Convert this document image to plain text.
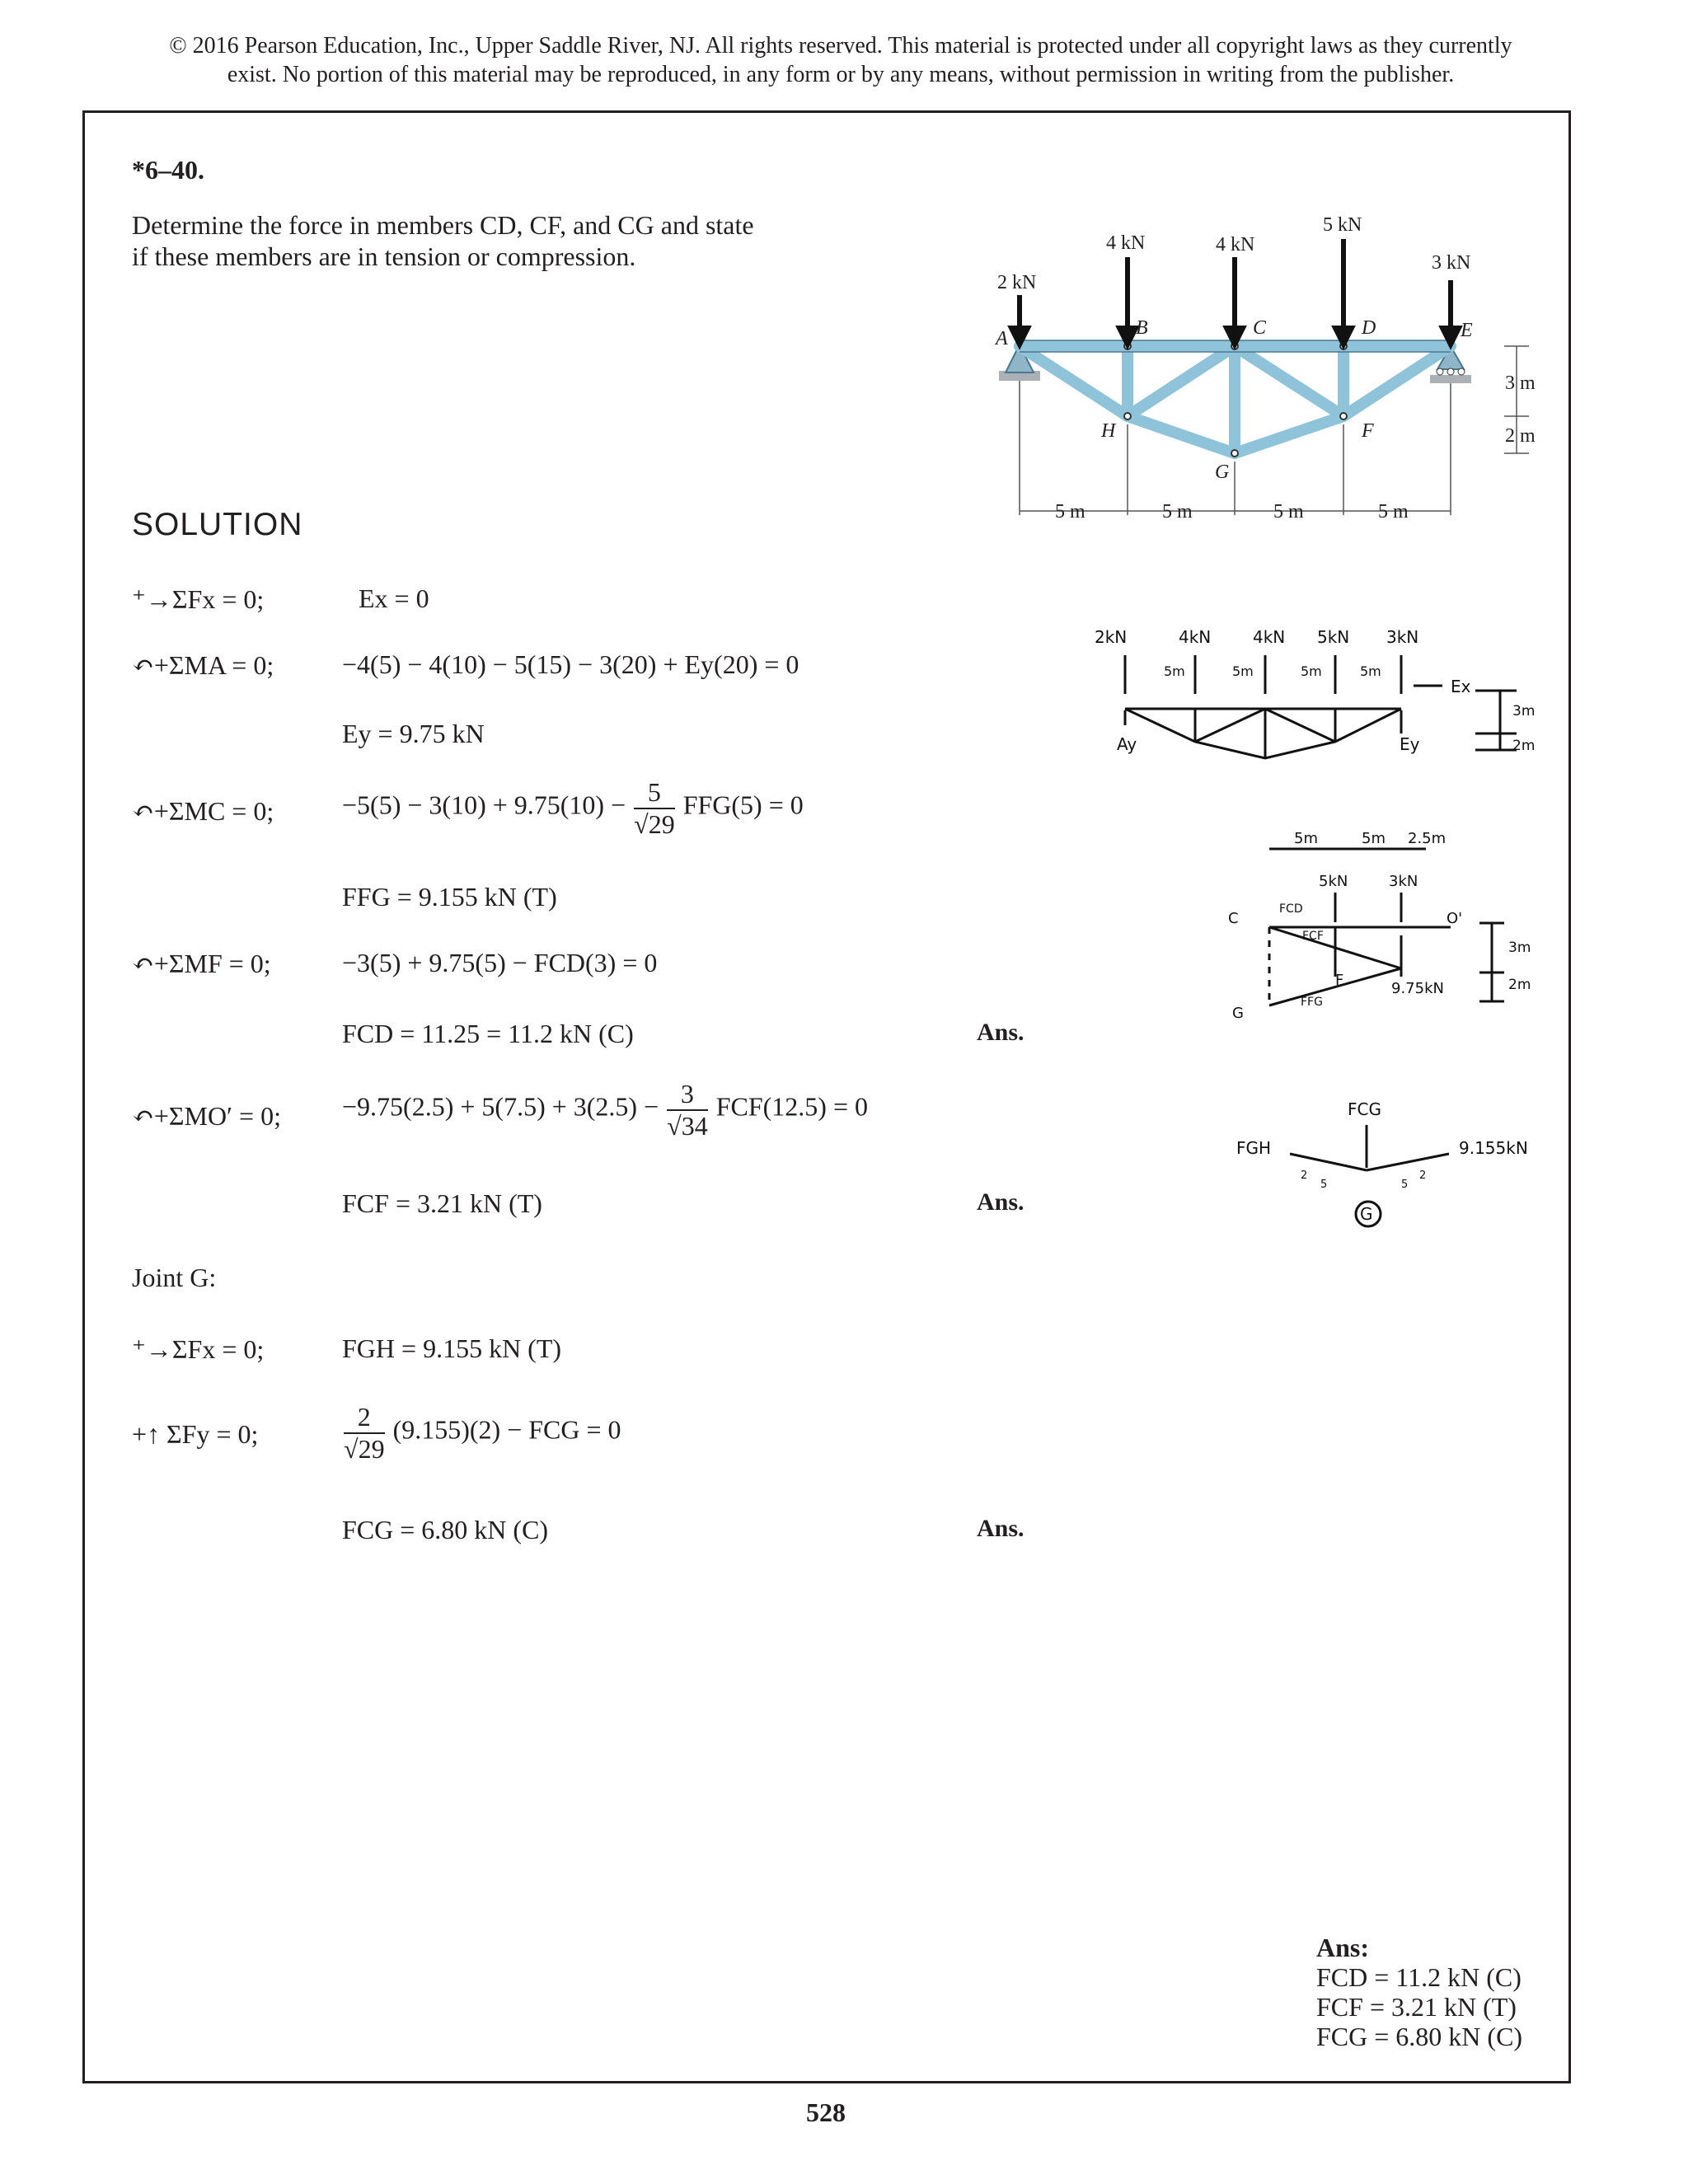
© 2016 Pearson Education, Inc., Upper Saddle River, NJ. All rights reserved. This material is protected under all copyright laws as they currently
exist. No portion of this material may be reproduced, in any form or by any means, without permission in writing from the publisher.
*6–40.
Determine the force in members CD, CF, and CG and state
if these members are in tension or compression.
2 kN
4 kN	4 kN
5 kN
3 kN
A	B	C	D	E
H
G
F
5 m	5 m	5 m	5 m
3 m
2 m
SOLUTION
⁺→ΣFx = 0;	Ex = 0
↶+ΣMA = 0;	−4(5) − 4(10) − 5(15) − 3(20) + Ey(20) = 0
Ey = 9.75 kN
↶+ΣMC = 0;	$-5(5) - 3(10) + 9.75(10) - \frac{5}{√29} FFG(5) = 0$
FFG = 9.155 kN (T)
↶+ΣMF = 0;	−3(5) + 9.75(5) − FCD(3) = 0
FCD = 11.25 = 11.2 kN (C)	Ans.
↶+ΣMO′ = 0; $-9.75(2.5) + 5(7.5) + 3(2.5) - \frac{3}{√34} FCF(12.5) = 0$
FCF = 3.21 kN (T)	Ans.
Joint G:
⁺→ΣFx = 0;	FGH = 9.155 kN (T)
+↑ ΣFy = 0;	$\frac{2}{√29} (9.155)(2)$ − FCG = 0
FCG = 6.80 kN (C)	Ans.
2kN	4kN	4kN 5kN 3kN
5m	5m	5m	5m
Ay	Ey
Ex
3m
2m
5m	5m 2.5m
5kN	3kN
C
G
F
O'
FCD
FCF
FFG
9.75kN
3m
2m
FCG
FGH	9.155kN
G
2
5	5
2
Ans:
FCD = 11.2 kN (C)
FCF = 3.21 kN (T)
FCG = 6.80 kN (C)
528
